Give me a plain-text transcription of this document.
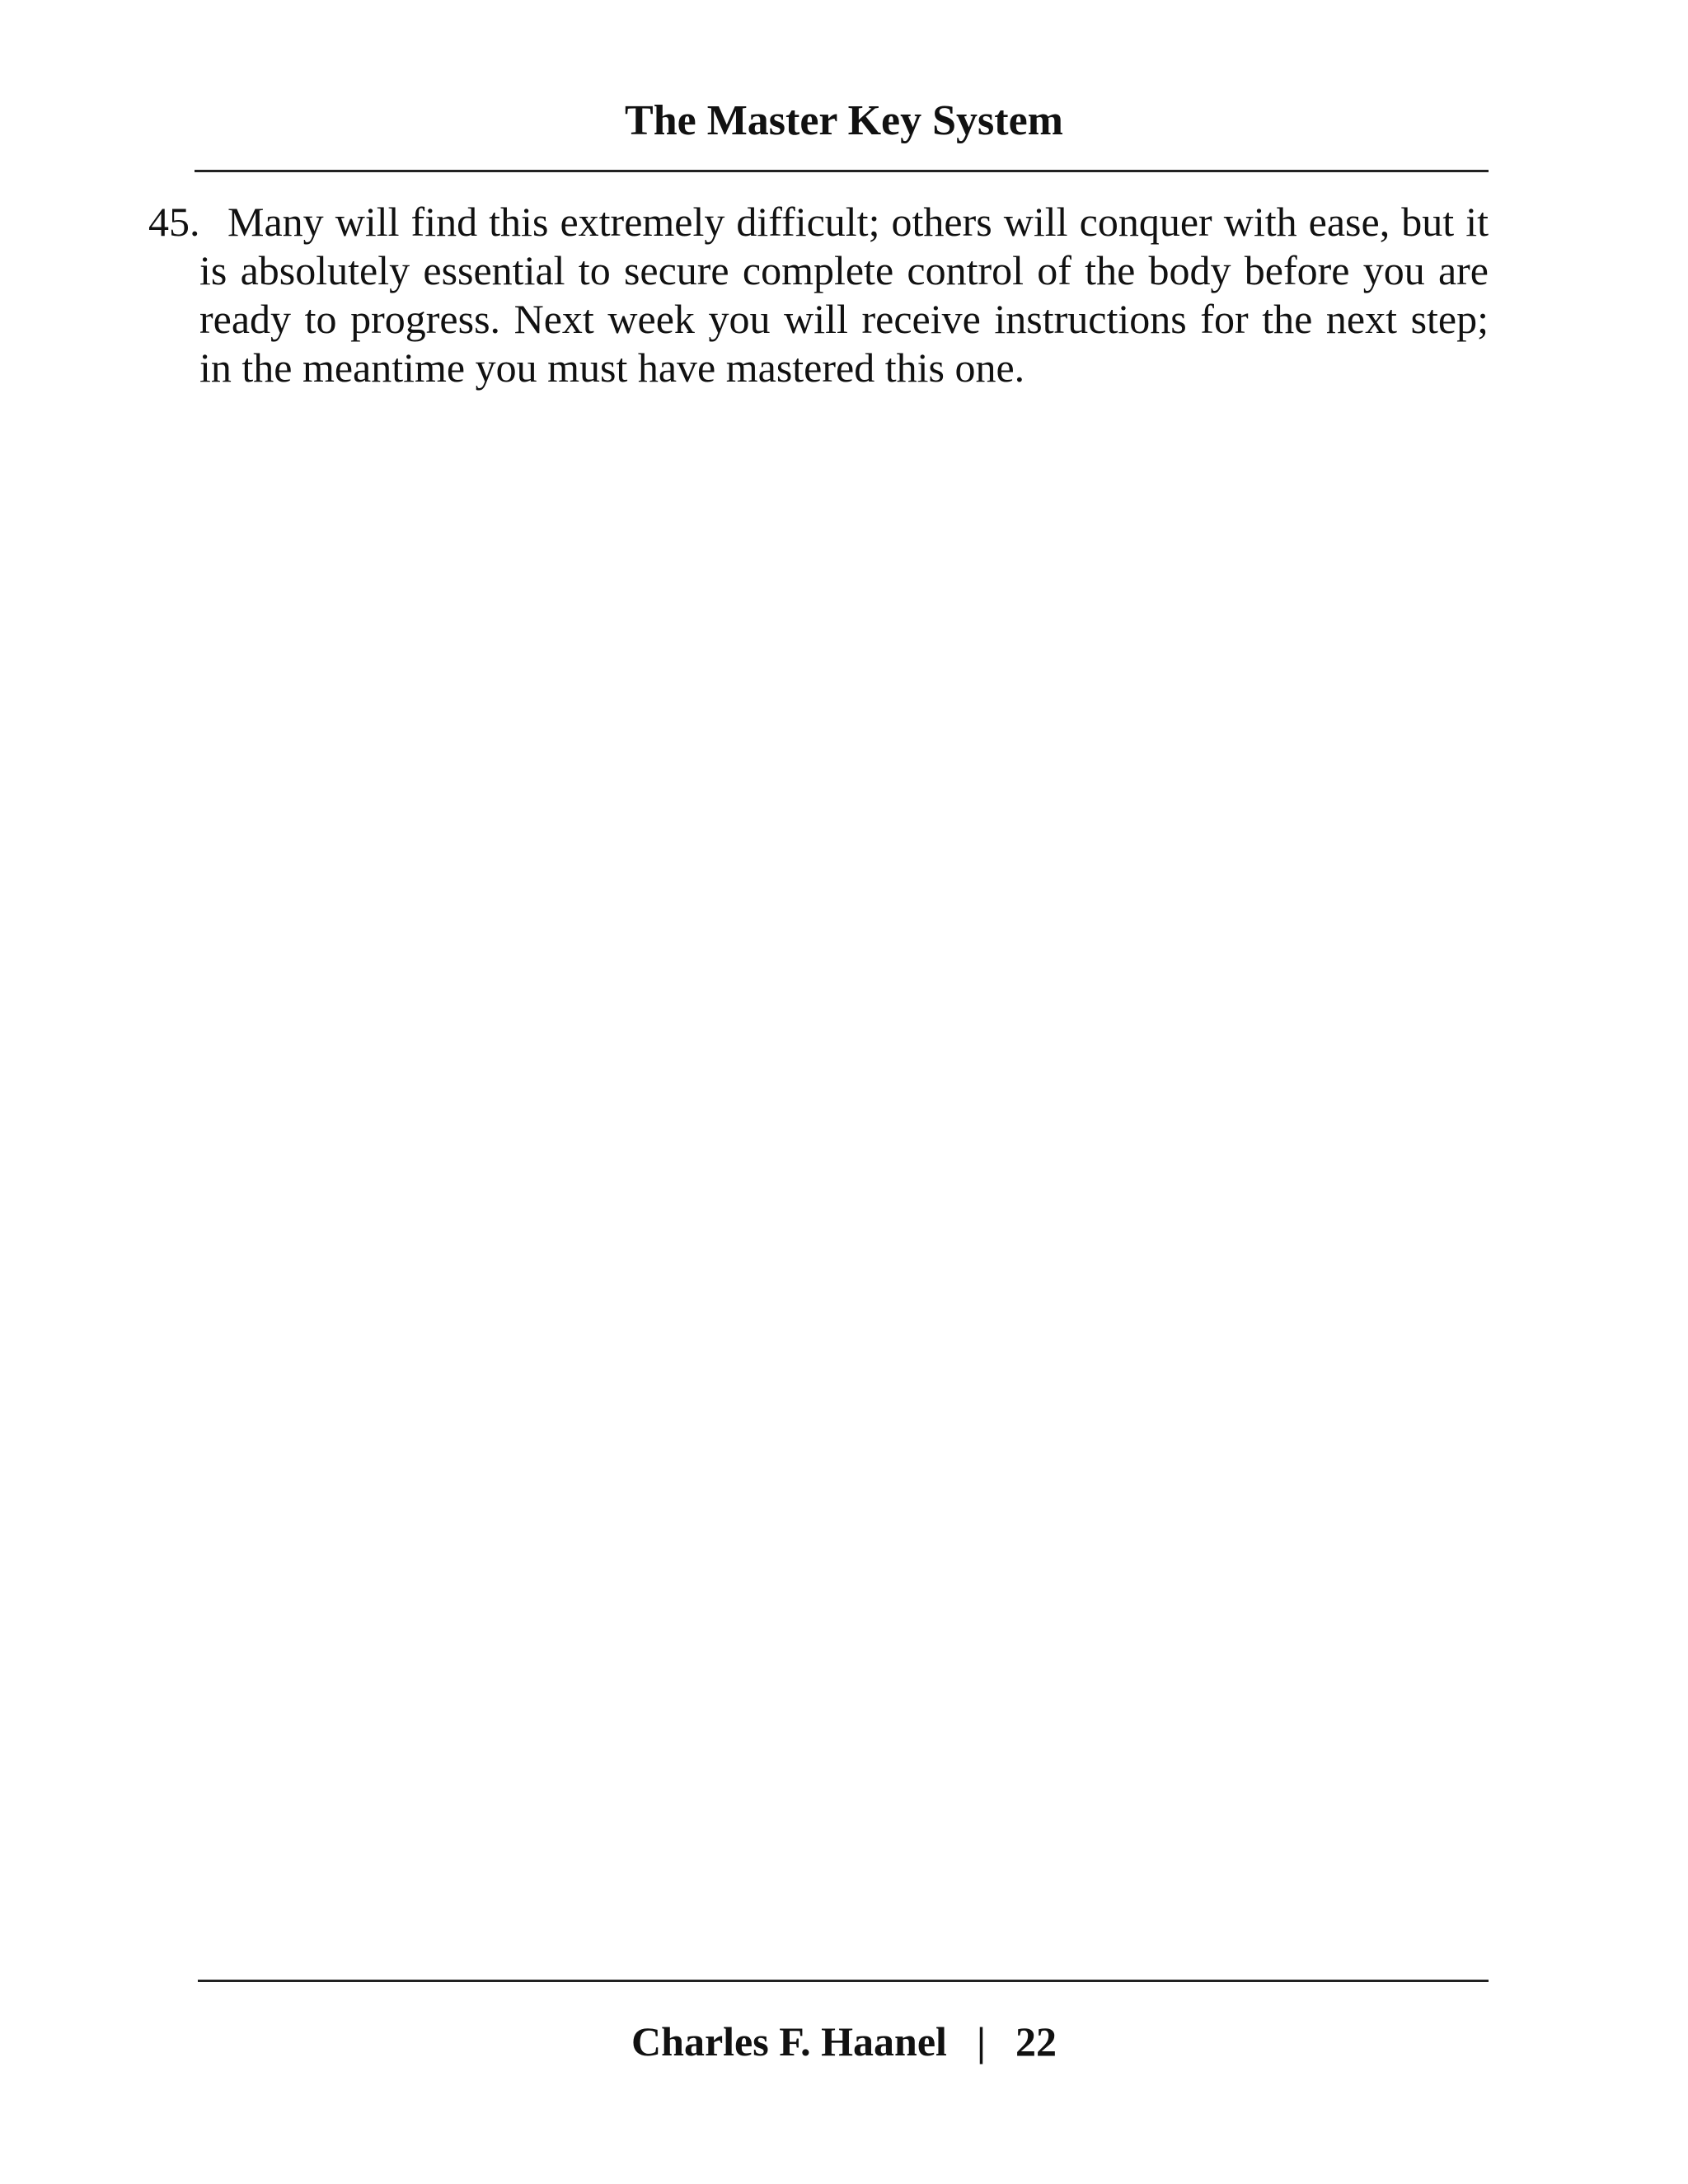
The Master Key System
45. Many will find this extremely difficult; others will conquer with ease, but it
is absolutely essential to secure complete control of the body before you are
ready to progress. Next week you will receive instructions for the next step;
in the meantime you must have mastered this one.
Charles F. Haanel | 22
